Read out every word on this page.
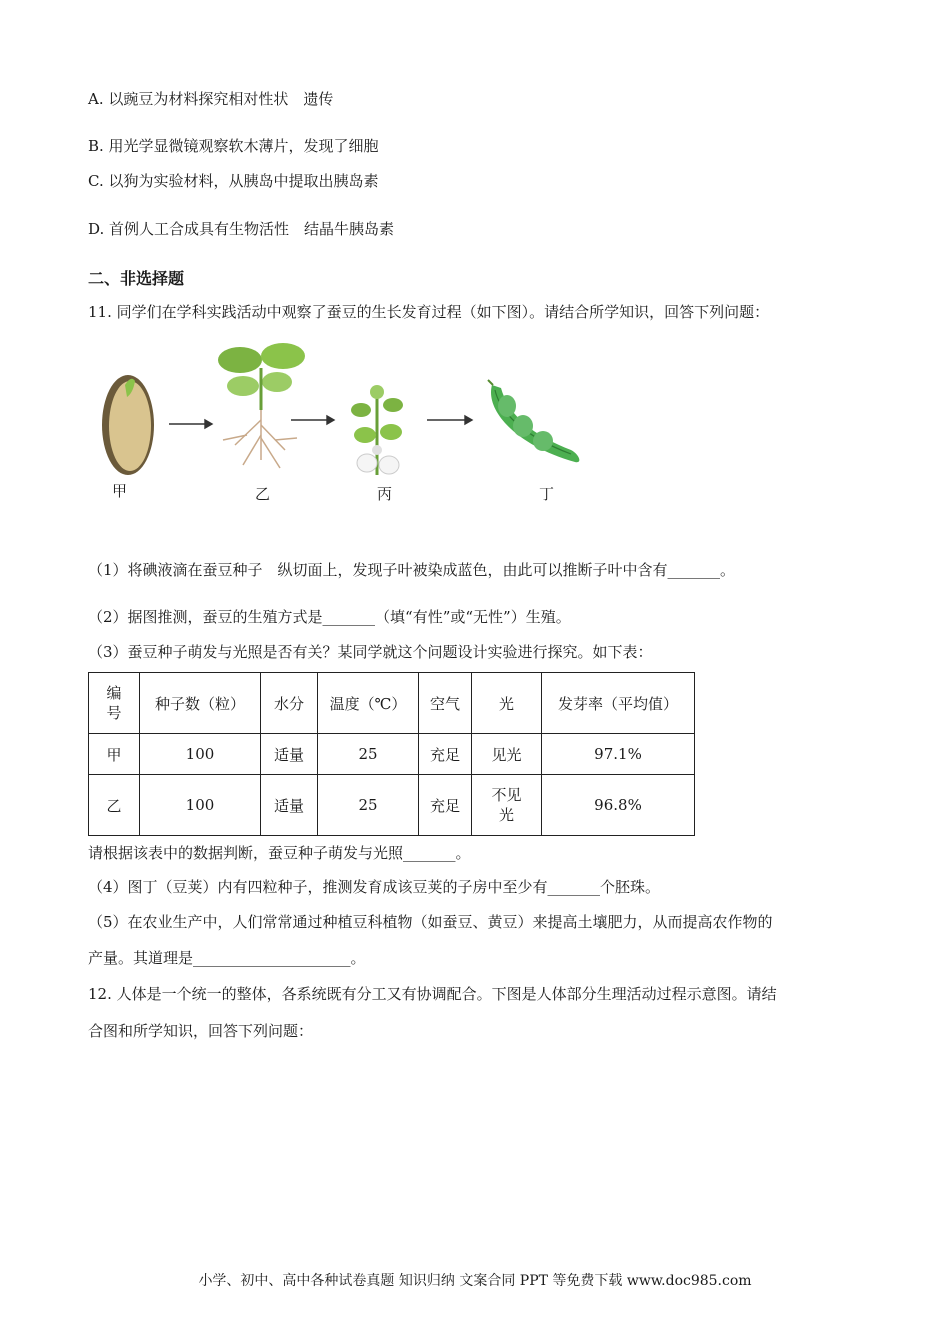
A. 以豌豆为材料探究相对性状　遗传
B. 用光学显微镜观察软木薄片，发现了细胞
C. 以狗为实验材料，从胰岛中提取出胰岛素
D. 首例人工合成具有生物活性　结晶牛胰岛素
二、非选择题
11. 同学们在学科实践活动中观察了蚕豆的生长发育过程（如下图）。请结合所学知识，回答下列问题：
甲	乙	丙	丁
（1）将碘液滴在蚕豆种子　纵切面上，发现子叶被染成蓝色，由此可以推断子叶中含有_______。
（2）据图推测，蚕豆的生殖方式是_______（填“有性”或“无性”）生殖。
（3）蚕豆种子萌发与光照是否有关？某同学就这个问题设计实验进行探究。如下表：
编
号	种子数（粒）	水分	温度（℃）	空气	光	发芽率（平均值）
甲	100	适量	25	充足	见光	97.1%
乙	100	适量	25	充足	不见
光	96.8%
请根据该表中的数据判断，蚕豆种子萌发与光照_______。
（4）图丁（豆荚）内有四粒种子，推测发育成该豆荚的子房中至少有_______个胚珠。
（5）在农业生产中，人们常常通过种植豆科植物（如蚕豆、黄豆）来提高土壤肥力，从而提高农作物的
产量。其道理是_____________________。
12. 人体是一个统一的整体，各系统既有分工又有协调配合。下图是人体部分生理活动过程示意图。请结
合图和所学知识，回答下列问题：
小学、初中、高中各种试卷真题 知识归纳 文案合同 PPT 等免费下载 www.doc985.com
